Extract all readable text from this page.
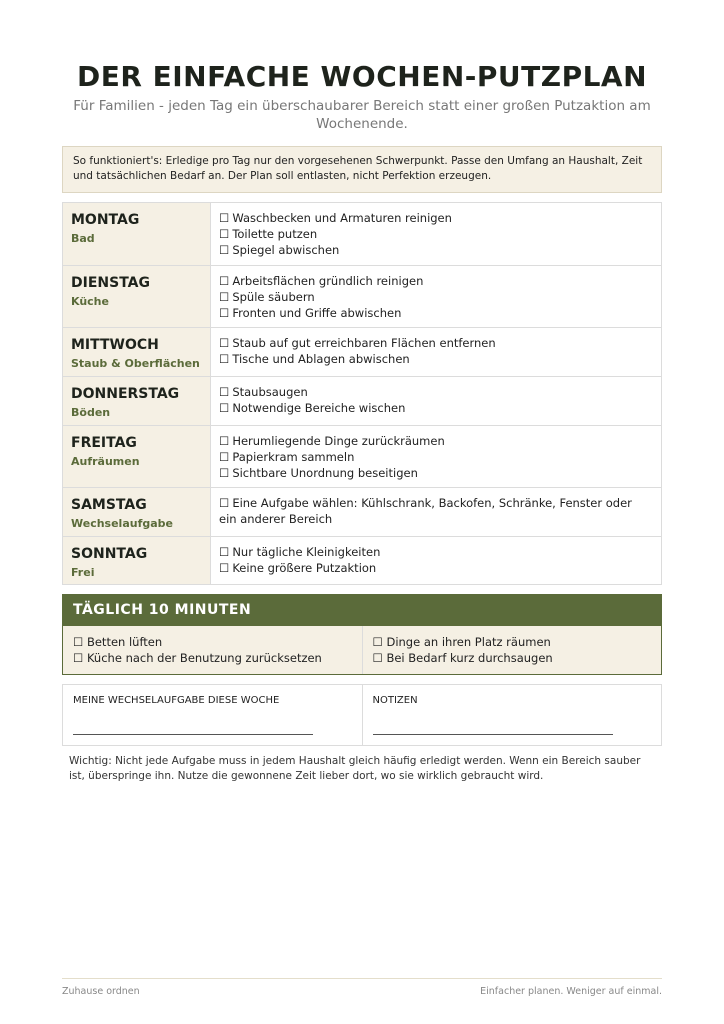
DER EINFACHE WOCHEN-PUTZPLAN
Für Familien - jeden Tag ein überschaubarer Bereich statt einer großen Putzaktion am Wochenende.
So funktioniert's: Erledige pro Tag nur den vorgesehenen Schwerpunkt. Passe den Umfang an Haushalt, Zeit und tatsächlichen Bedarf an. Der Plan soll entlasten, nicht Perfektion erzeugen.
MONTAG
Bad
☐ Waschbecken und Armaturen reinigen
☐ Toilette putzen
☐ Spiegel abwischen
DIENSTAG
Küche
☐ Arbeitsflächen gründlich reinigen
☐ Spüle säubern
☐ Fronten und Griffe abwischen
MITTWOCH
Staub & Oberflächen
☐ Staub auf gut erreichbaren Flächen entfernen
☐ Tische und Ablagen abwischen
DONNERSTAG
Böden
☐ Staubsaugen
☐ Notwendige Bereiche wischen
FREITAG
Aufräumen
☐ Herumliegende Dinge zurückräumen
☐ Papierkram sammeln
☐ Sichtbare Unordnung beseitigen
SAMSTAG
Wechselaufgabe
☐ Eine Aufgabe wählen: Kühlschrank, Backofen, Schränke, Fenster oder ein anderer Bereich
SONNTAG
Frei
☐ Nur tägliche Kleinigkeiten
☐ Keine größere Putzaktion
TÄGLICH 10 MINUTEN
☐ Betten lüften
☐ Küche nach der Benutzung zurücksetzen
☐ Dinge an ihren Platz räumen
☐ Bei Bedarf kurz durchsaugen
MEINE WECHSELAUFGABE DIESE WOCHE	NOTIZEN
Wichtig: Nicht jede Aufgabe muss in jedem Haushalt gleich häufig erledigt werden. Wenn ein Bereich sauber ist, überspringe ihn. Nutze die gewonnene Zeit lieber dort, wo sie wirklich gebraucht wird.
Zuhause ordnen	Einfacher planen. Weniger auf einmal.
